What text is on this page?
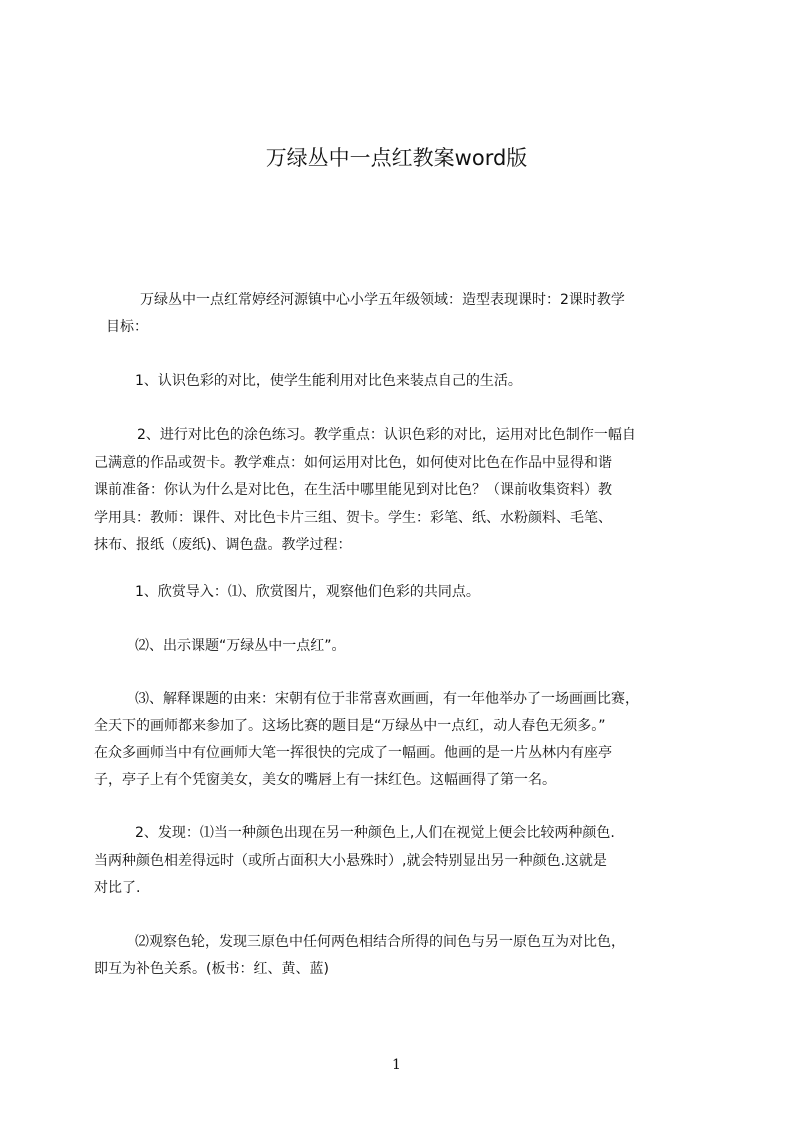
万绿丛中一点红教案word版
万绿丛中一点红常婷经河源镇中心小学五年级领域：造型表现课时：2课时教学
目标：
1、认识色彩的对比，使学生能利用对比色来装点自己的生活。
2、进行对比色的涂色练习。教学重点：认识色彩的对比，运用对比色制作一幅自
己满意的作品或贺卡。教学难点：如何运用对比色，如何使对比色在作品中显得和谐
课前准备：你认为什么是对比色，在生活中哪里能见到对比色？（课前收集资料）教
学用具：教师：课件、对比色卡片三组、贺卡。学生：彩笔、纸、水粉颜料、毛笔、
抹布、报纸（废纸)、调色盘。教学过程：
1、欣赏导入：⑴、欣赏图片，观察他们色彩的共同点。
⑵、出示课题“万绿丛中一点红”。
⑶、解释课题的由来：宋朝有位于非常喜欢画画，有一年他举办了一场画画比赛，
全天下的画师都来参加了。这场比赛的题目是“万绿丛中一点红，动人春色无须多。”
在众多画师当中有位画师大笔一挥很快的完成了一幅画。他画的是一片丛林内有座亭
子，亭子上有个凭窗美女，美女的嘴唇上有一抹红色。这幅画得了第一名。
2、发现：⑴当一种颜色出现在另一种颜色上,人们在视觉上便会比较两种颜色.
当两种颜色相差得远时（或所占面积大小悬殊时）,就会特别显出另一种颜色.这就是
对比了.
⑵观察色轮，发现三原色中任何两色相结合所得的间色与另一原色互为对比色，
即互为补色关系。(板书：红、黄、蓝)
1
